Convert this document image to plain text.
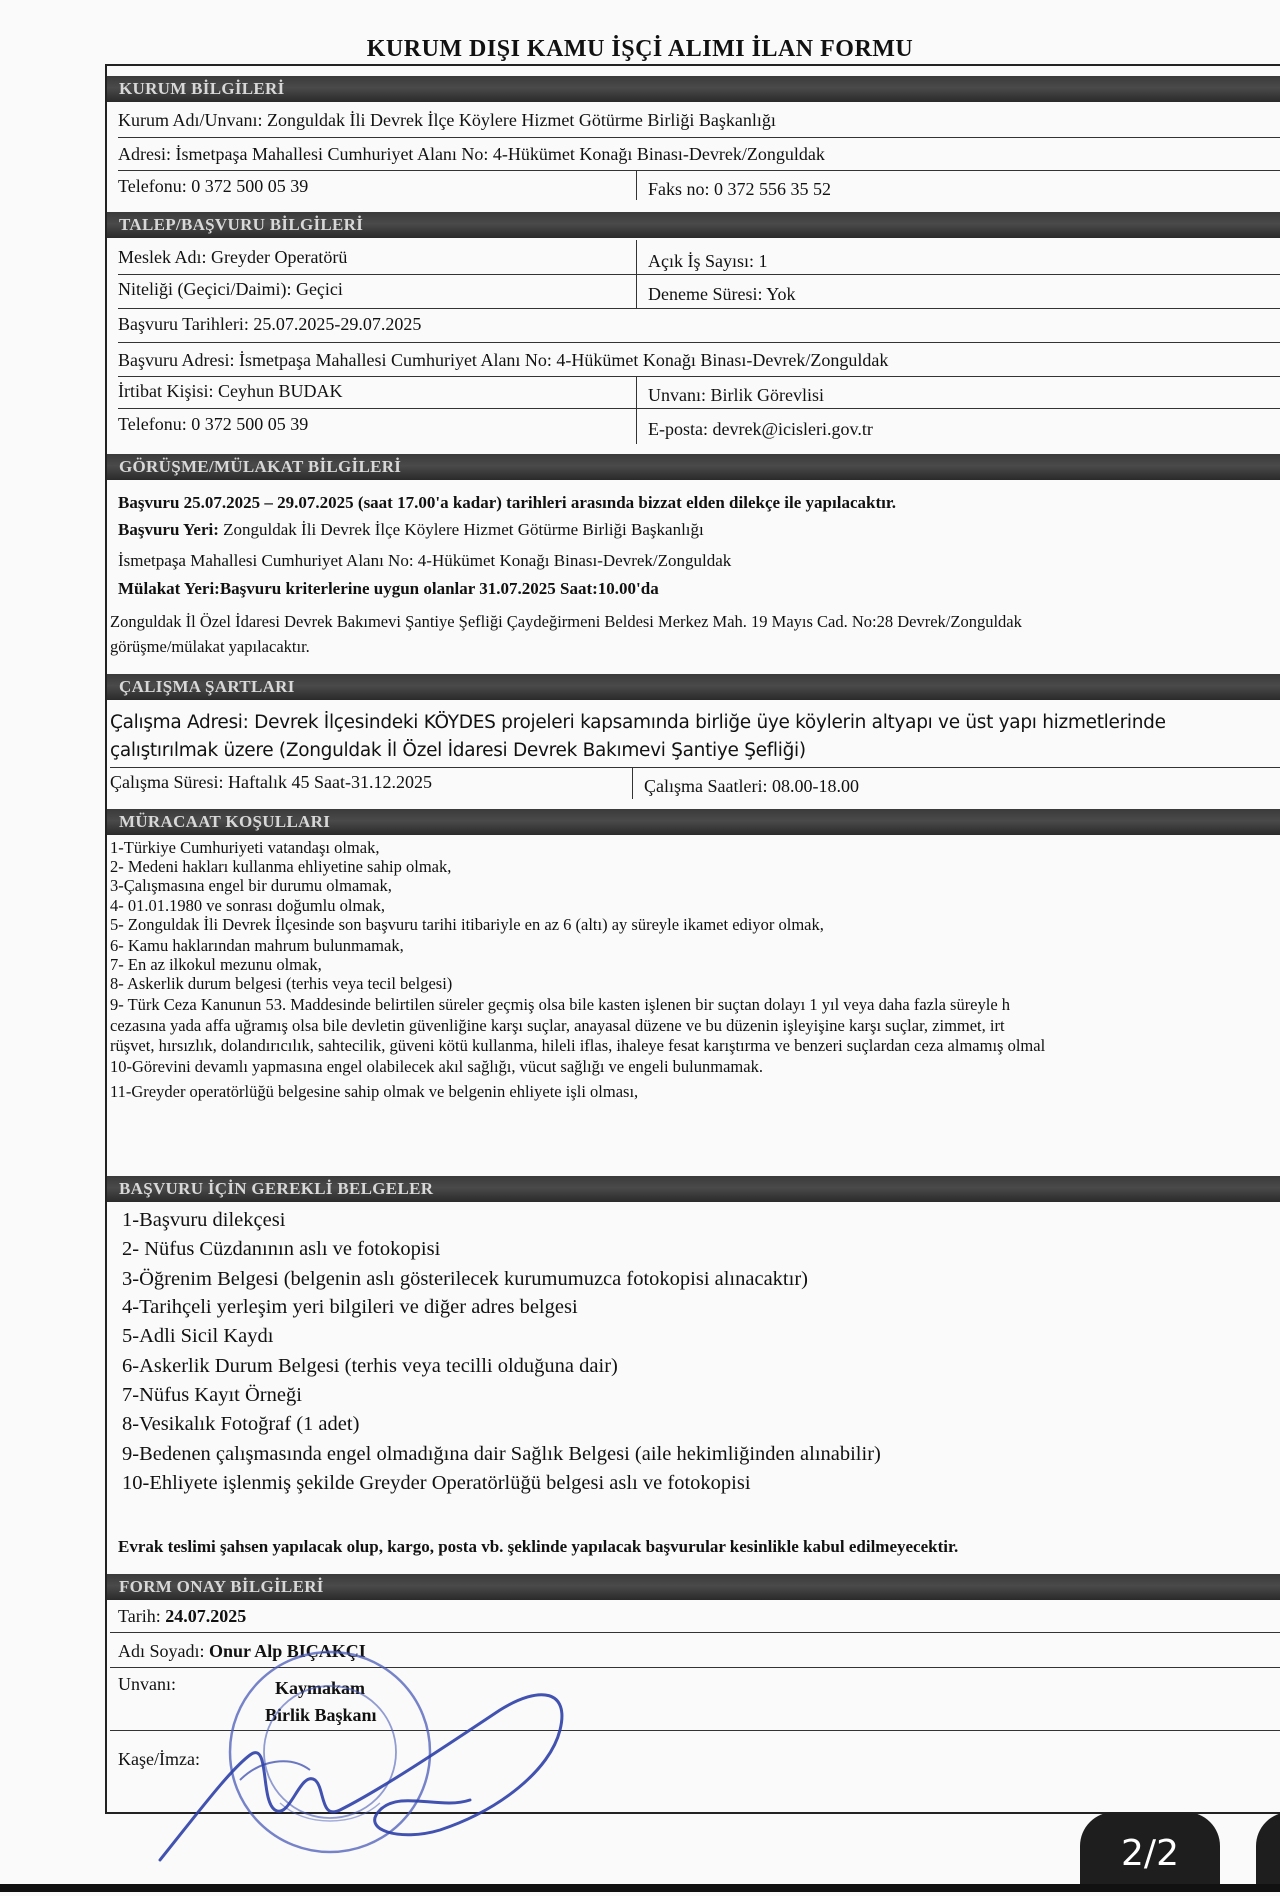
KURUM DIŞI KAMU İŞÇİ ALIMI İLAN FORMU
KURUM BİLGİLERİ
Kurum Adı/Unvanı: Zonguldak İli Devrek İlçe Köylere Hizmet Götürme Birliği Başkanlığı
Adresi: İsmetpaşa Mahallesi Cumhuriyet Alanı No: 4-Hükümet Konağı Binası-Devrek/Zonguldak
Telefonu: 0 372 500 05 39	Faks no: 0 372 556 35 52
TALEP/BAŞVURU BİLGİLERİ
Meslek Adı: Greyder Operatörü	Açık İş Sayısı: 1
Niteliği (Geçici/Daimi): Geçici	Deneme Süresi: Yok
Başvuru Tarihleri: 25.07.2025-29.07.2025
Başvuru Adresi: İsmetpaşa Mahallesi Cumhuriyet Alanı No: 4-Hükümet Konağı Binası-Devrek/Zonguldak
İrtibat Kişisi: Ceyhun BUDAK	Unvanı: Birlik Görevlisi
Telefonu: 0 372 500 05 39	E-posta: devrek@icisleri.gov.tr
GÖRÜŞME/MÜLAKAT BİLGİLERİ
Başvuru 25.07.2025 – 29.07.2025 (saat 17.00'a kadar) tarihleri arasında bizzat elden dilekçe ile yapılacaktır.
Başvuru Yeri: Zonguldak İli Devrek İlçe Köylere Hizmet Götürme Birliği Başkanlığı
İsmetpaşa Mahallesi Cumhuriyet Alanı No: 4-Hükümet Konağı Binası-Devrek/Zonguldak
Mülakat Yeri:Başvuru kriterlerine uygun olanlar 31.07.2025 Saat:10.00'da
Zonguldak İl Özel İdaresi Devrek Bakımevi Şantiye Şefliği Çaydeğirmeni Beldesi Merkez Mah. 19 Mayıs Cad. No:28 Devrek/Zonguldak
görüşme/mülakat yapılacaktır.
ÇALIŞMA ŞARTLARI
Çalışma Adresi: Devrek İlçesindeki KÖYDES projeleri kapsamında birliğe üye köylerin altyapı ve üst yapı hizmetlerinde
çalıştırılmak üzere (Zonguldak İl Özel İdaresi Devrek Bakımevi Şantiye Şefliği)
Çalışma Süresi: Haftalık 45 Saat-31.12.2025	Çalışma Saatleri: 08.00-18.00
MÜRACAAT KOŞULLARI
1-Türkiye Cumhuriyeti vatandaşı olmak,
2- Medeni hakları kullanma ehliyetine sahip olmak,
3-Çalışmasına engel bir durumu olmamak,
4- 01.01.1980 ve sonrası doğumlu olmak,
5- Zonguldak İli Devrek İlçesinde son başvuru tarihi itibariyle en az 6 (altı) ay süreyle ikamet ediyor olmak,
6- Kamu haklarından mahrum bulunmamak,
7- En az ilkokul mezunu olmak,
8- Askerlik durum belgesi (terhis veya tecil belgesi)
9- Türk Ceza Kanunun 53. Maddesinde belirtilen süreler geçmiş olsa bile kasten işlenen bir suçtan dolayı 1 yıl veya daha fazla süreyle h
cezasına yada affa uğramış olsa bile devletin güvenliğine karşı suçlar, anayasal düzene ve bu düzenin işleyişine karşı suçlar, zimmet, irt
rüşvet, hırsızlık, dolandırıcılık, sahtecilik, güveni kötü kullanma, hileli iflas, ihaleye fesat karıştırma ve benzeri suçlardan ceza almamış olmal
10-Görevini devamlı yapmasına engel olabilecek akıl sağlığı, vücut sağlığı ve engeli bulunmamak.
11-Greyder operatörlüğü belgesine sahip olmak ve belgenin ehliyete işli olması,
BAŞVURU İÇİN GEREKLİ BELGELER
1-Başvuru dilekçesi
2- Nüfus Cüzdanının aslı ve fotokopisi
3-Öğrenim Belgesi (belgenin aslı gösterilecek kurumumuzca fotokopisi alınacaktır)
4-Tarihçeli yerleşim yeri bilgileri ve diğer adres belgesi
5-Adli Sicil Kaydı
6-Askerlik Durum Belgesi (terhis veya tecilli olduğuna dair)
7-Nüfus Kayıt Örneği
8-Vesikalık Fotoğraf (1 adet)
9-Bedenen çalışmasında engel olmadığına dair Sağlık Belgesi (aile hekimliğinden alınabilir)
10-Ehliyete işlenmiş şekilde Greyder Operatörlüğü belgesi aslı ve fotokopisi
Evrak teslimi şahsen yapılacak olup, kargo, posta vb. şeklinde yapılacak başvurular kesinlikle kabul edilmeyecektir.
FORM ONAY BİLGİLERİ
Tarih: 24.07.2025
Adı Soyadı: Onur Alp BIÇAKÇI
Unvanı:	Kaymakam
Birlik Başkanı
Kaşe/İmza:
2/2
